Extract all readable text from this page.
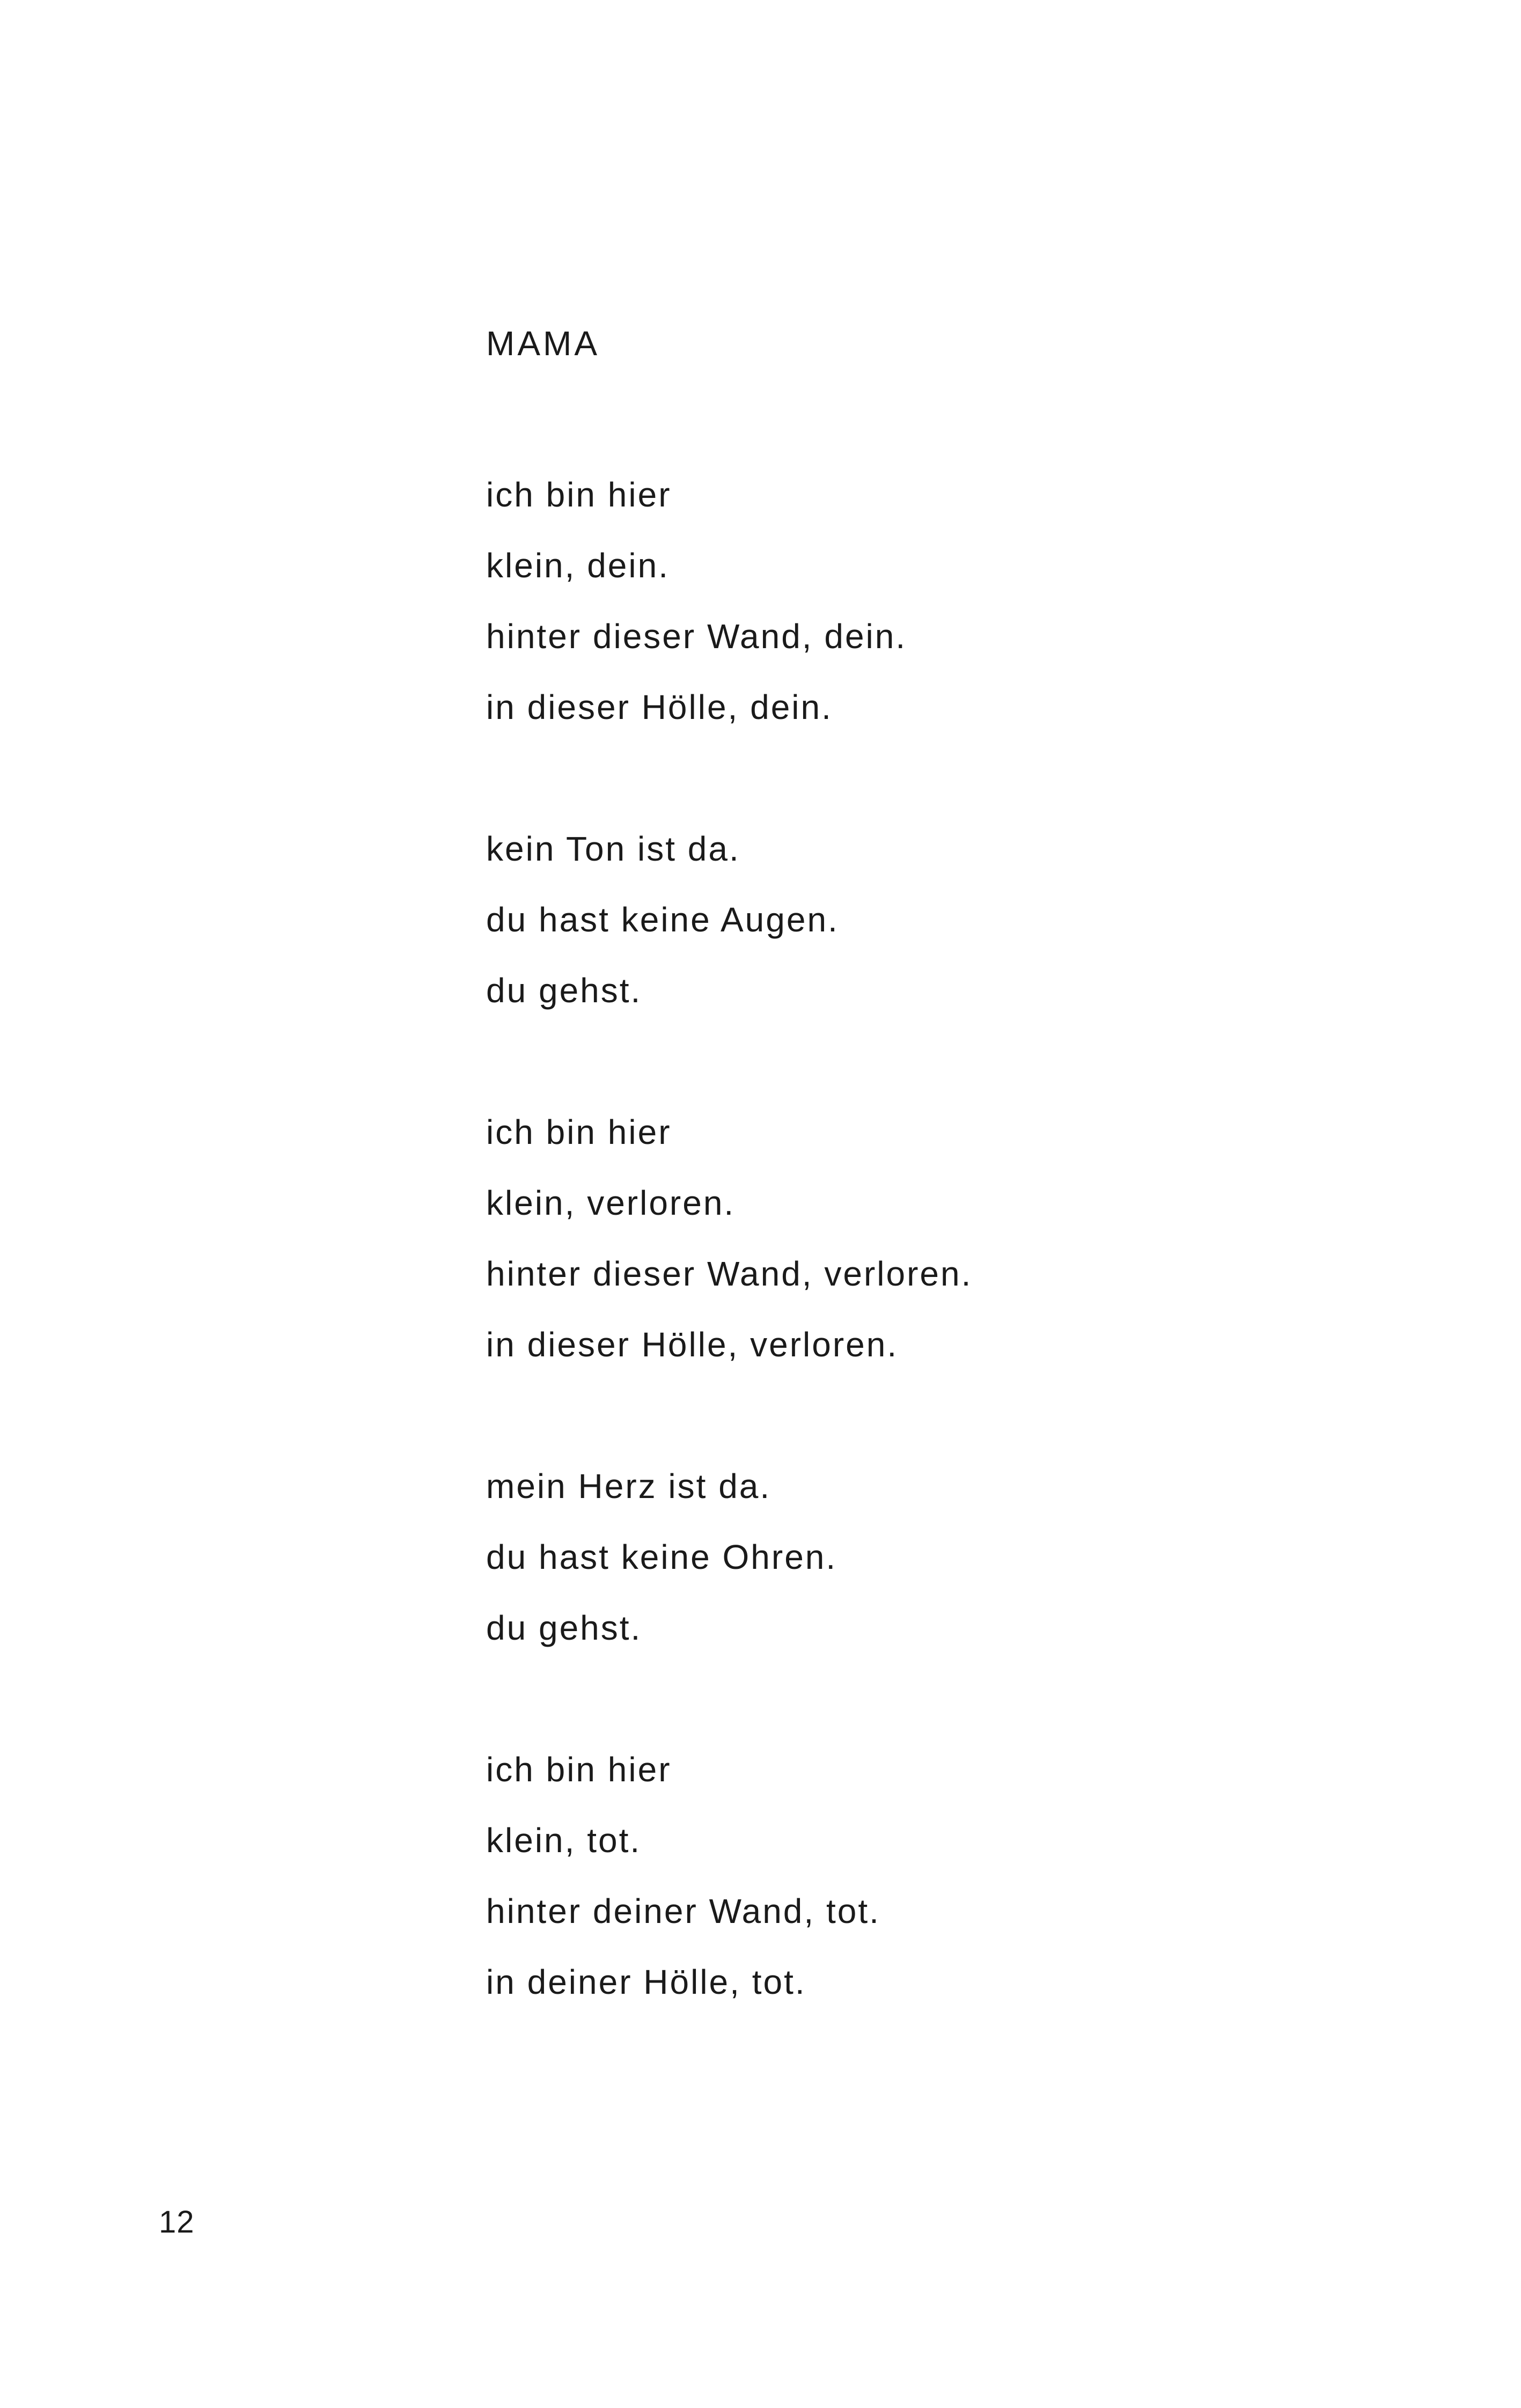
MAMA
ich bin hier
klein, dein.
hinter dieser Wand, dein.
in dieser Hölle, dein.
kein Ton ist da.
du hast keine Augen.
du gehst.
ich bin hier
klein, verloren.
hinter dieser Wand, verloren.
in dieser Hölle, verloren.
mein Herz ist da.
du hast keine Ohren.
du gehst.
ich bin hier
klein, tot.
hinter deiner Wand, tot.
in deiner Hölle, tot.
12
